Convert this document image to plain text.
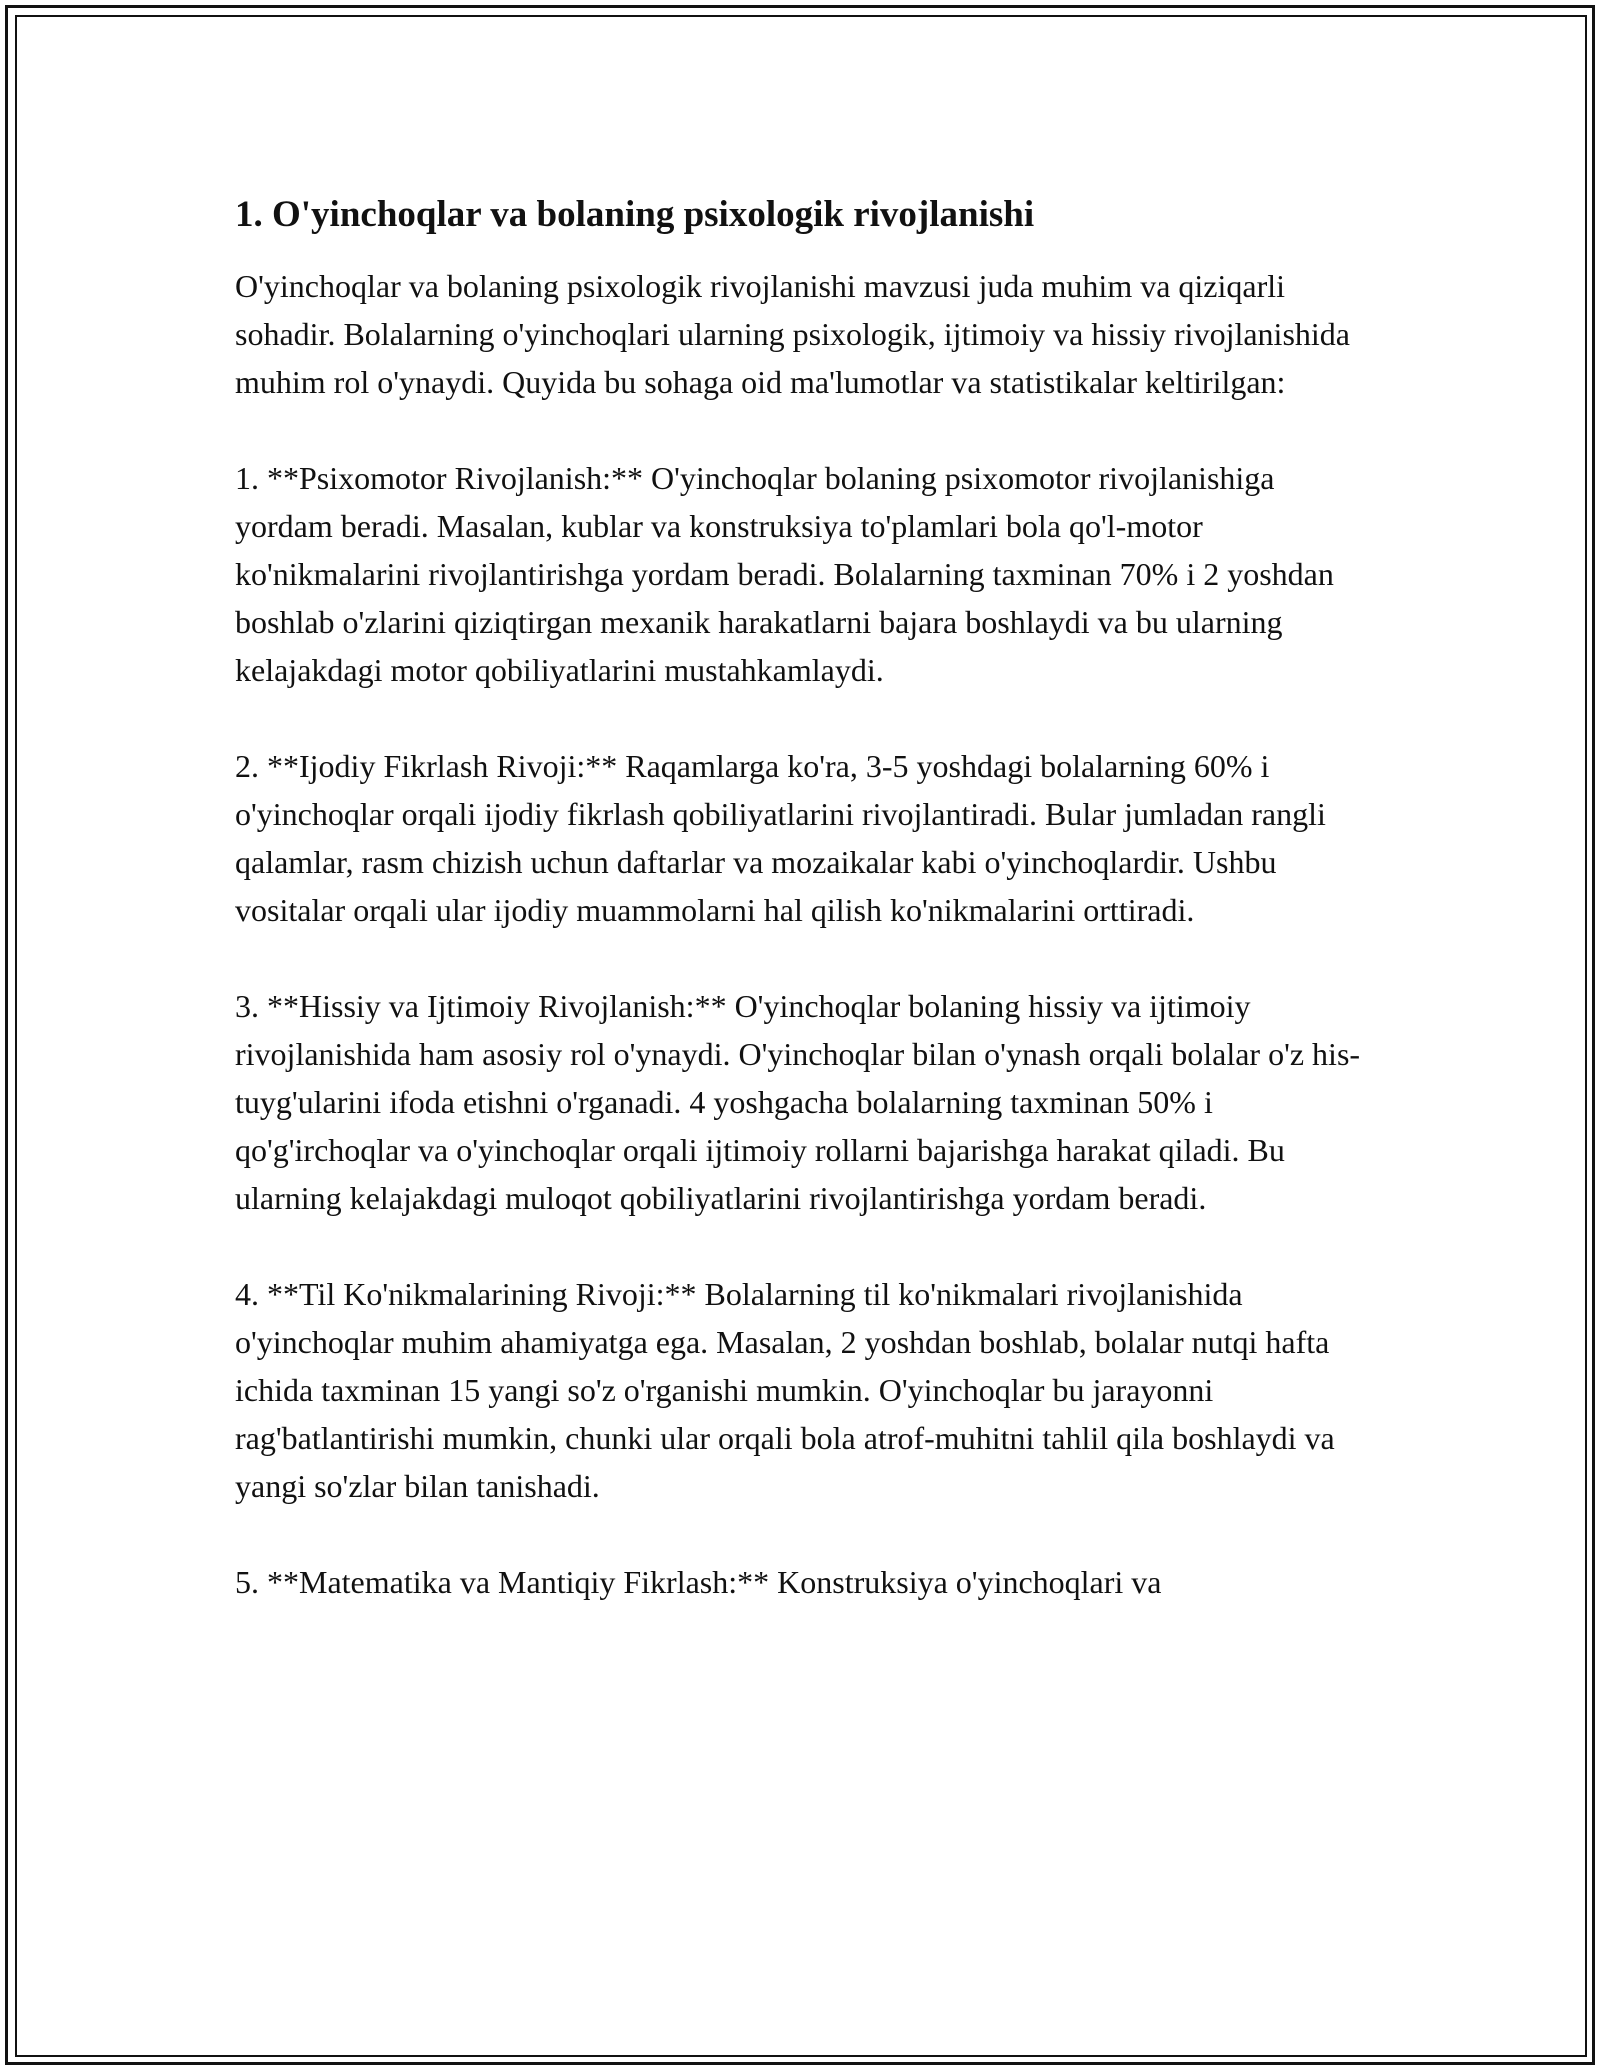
1. O'yinchoqlar va bolaning psixologik rivojlanishi

O'yinchoqlar va bolaning psixologik rivojlanishi mavzusi juda muhim va qiziqarli sohadir. Bolalarning o'yinchoqlari ularning psixologik, ijtimoiy va hissiy rivojlanishida muhim rol o'ynaydi. Quyida bu sohaga oid ma'lumotlar va statistikalar keltirilgan:

1. **Psixomotor Rivojlanish:** O'yinchoqlar bolaning psixomotor rivojlanishiga yordam beradi. Masalan, kublar va konstruksiya to'plamlari bola qo'l-motor ko'nikmalarini rivojlantirishga yordam beradi. Bolalarning taxminan 70% i 2 yoshdan boshlab o'zlarini qiziqtirgan mexanik harakatlarni bajara boshlaydi va bu ularning kelajakdagi motor qobiliyatlarini mustahkamlaydi.

2. **Ijodiy Fikrlash Rivoji:** Raqamlarga ko'ra, 3-5 yoshdagi bolalarning 60% i o'yinchoqlar orqali ijodiy fikrlash qobiliyatlarini rivojlantiradi. Bular jumladan rangli qalamlar, rasm chizish uchun daftarlar va mozaikalar kabi o'yinchoqlardir. Ushbu vositalar orqali ular ijodiy muammolarni hal qilish ko'nikmalarini orttiradi.

3. **Hissiy va Ijtimoiy Rivojlanish:** O'yinchoqlar bolaning hissiy va ijtimoiy rivojlanishida ham asosiy rol o'ynaydi. O'yinchoqlar bilan o'ynash orqali bolalar o'z his-tuyg'ularini ifoda etishni o'rganadi. 4 yoshgacha bolalarning taxminan 50% i qo'g'irchoqlar va o'yinchoqlar orqali ijtimoiy rollarni bajarishga harakat qiladi. Bu ularning kelajakdagi muloqot qobiliyatlarini rivojlantirishga yordam beradi.

4. **Til Ko'nikmalarining Rivoji:** Bolalarning til ko'nikmalari rivojlanishida o'yinchoqlar muhim ahamiyatga ega. Masalan, 2 yoshdan boshlab, bolalar nutqi hafta ichida taxminan 15 yangi so'z o'rganishi mumkin. O'yinchoqlar bu jarayonni rag'batlantirishi mumkin, chunki ular orqali bola atrof-muhitni tahlil qila boshlaydi va yangi so'zlar bilan tanishadi.

5. **Matematika va Mantiqiy Fikrlash:** Konstruksiya o'yinchoqlari va
